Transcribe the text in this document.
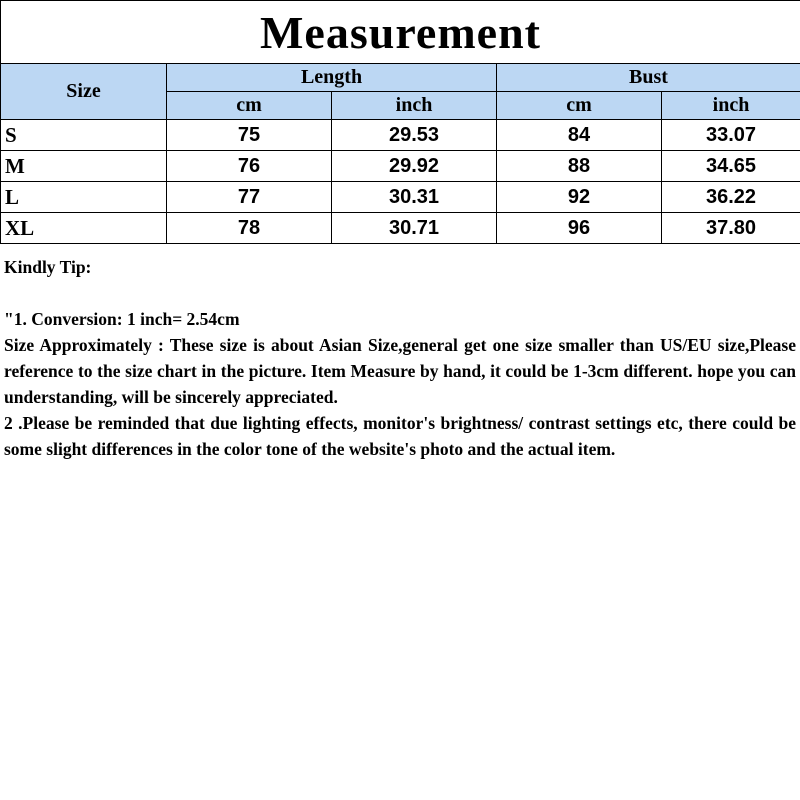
Measurement				
Size	Length		Bust	
	cm	inch	cm	inch
S	75	29.53	84	33.07
M	76	29.92	88	34.65
L	77	30.31	92	36.22
XL	78	30.71	96	37.80

Kindly Tip:

"1. Conversion: 1 inch= 2.54cm

Size Approximately : These size is about Asian Size,general get one size smaller than US/EU size,Please reference to the size chart in the picture. Item Measure by hand, it could be 1-3cm different. hope you can understanding, will be sincerely appreciated.

2 .Please be reminded that due lighting effects, monitor's brightness/ contrast settings etc, there could be some slight differences in the color tone of the website's photo and the actual item.
